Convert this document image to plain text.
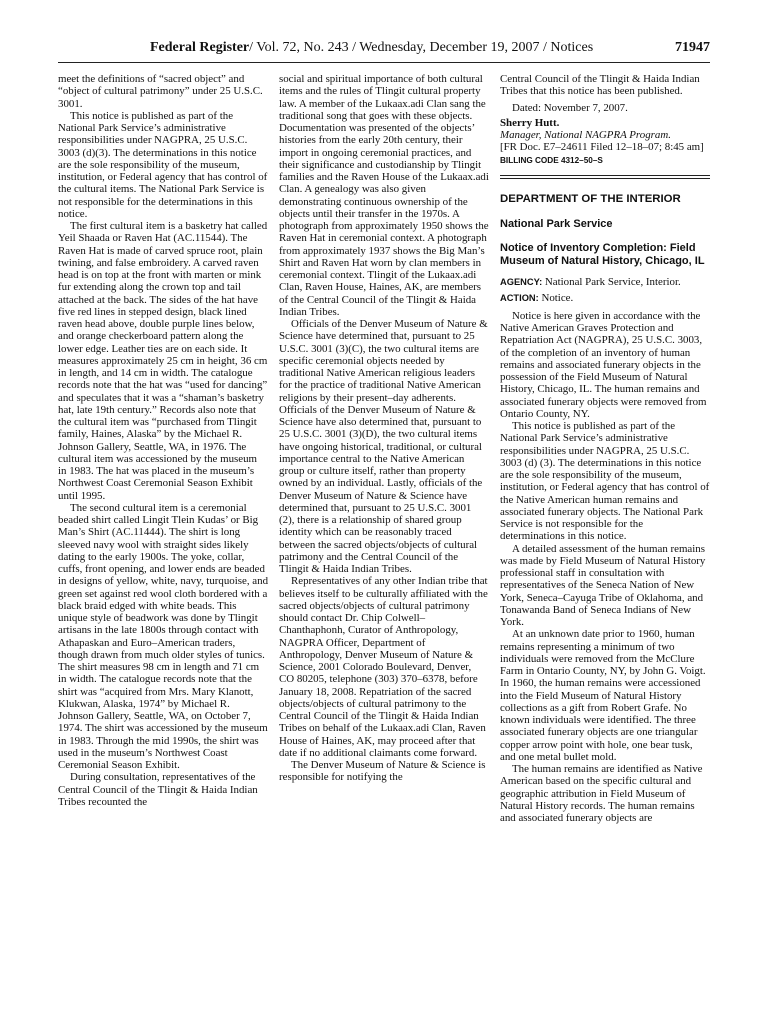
Federal Register/ Vol. 72, No. 243 / Wednesday, December 19, 2007 / Notices	71947

meet the definitions of “sacred object” and “object of cultural patrimony” under 25 U.S.C. 3001.

This notice is published as part of the National Park Service’s administrative responsibilities under NAGPRA, 25 U.S.C. 3003 (d)(3). The determinations in this notice are the sole responsibility of the museum, institution, or Federal agency that has control of the cultural items. The National Park Service is not responsible for the determinations in this notice.

The first cultural item is a basketry hat called Yeil Shaada or Raven Hat (AC.11544). The Raven Hat is made of carved spruce root, plain twining, and false embroidery. A carved raven head is on top at the front with marten or mink fur extending along the crown top and tail attached at the back. The sides of the hat have five red lines in stepped design, black lined raven head above, double purple lines below, and orange checkerboard pattern along the lower edge. Leather ties are on each side. It measures approximately 25 cm in height, 36 cm in length, and 14 cm in width. The catalogue records note that the hat was “used for dancing” and speculates that it was a “shaman’s basketry hat, late 19th century.” Records also note that the cultural item was “purchased from Tlingit family, Haines, Alaska” by the Michael R. Johnson Gallery, Seattle, WA, in 1976. The cultural item was accessioned by the museum in 1983. The hat was placed in the museum’s Northwest Coast Ceremonial Season Exhibit until 1995.

The second cultural item is a ceremonial beaded shirt called Lingit Tlein Kudas’ or Big Man’s Shirt (AC.11444). The shirt is long sleeved navy wool with straight sides likely dating to the early 1900s. The yoke, collar, cuffs, front opening, and lower ends are beaded in designs of yellow, white, navy, turquoise, and green set against red wool cloth bordered with a black braid edged with white beads. This unique style of beadwork was done by Tlingit artisans in the late 1800s through contact with Athapaskan and Euro–American traders, though drawn from much older styles of tunics. The shirt measures 98 cm in length and 71 cm in width. The catalogue records note that the shirt was “acquired from Mrs. Mary Klanott, Klukwan, Alaska, 1974” by Michael R. Johnson Gallery, Seattle, WA, on October 7, 1974. The shirt was accessioned by the museum in 1983. Through the mid 1990s, the shirt was used in the museum’s Northwest Coast Ceremonial Season Exhibit.

During consultation, representatives of the Central Council of the Tlingit & Haida Indian Tribes recounted the

social and spiritual importance of both cultural items and the rules of Tlingit cultural property law. A member of the Lukaax.adi Clan sang the traditional song that goes with these objects. Documentation was presented of the objects’ histories from the early 20th century, their import in ongoing ceremonial practices, and their significance and custodianship by Tlingit families and the Raven House of the Lukaax.adi Clan. A genealogy was also given demonstrating continuous ownership of the objects until their transfer in the 1970s. A photograph from approximately 1950 shows the Raven Hat in ceremonial context. A photograph from approximately 1937 shows the Big Man’s Shirt and Raven Hat worn by clan members in ceremonial context. Tlingit of the Lukaax.adi Clan, Raven House, Haines, AK, are members of the Central Council of the Tlingit & Haida Indian Tribes.

Officials of the Denver Museum of Nature & Science have determined that, pursuant to 25 U.S.C. 3001 (3)(C), the two cultural items are specific ceremonial objects needed by traditional Native American religious leaders for the practice of traditional Native American religions by their present–day adherents. Officials of the Denver Museum of Nature & Science have also determined that, pursuant to 25 U.S.C. 3001 (3)(D), the two cultural items have ongoing historical, traditional, or cultural importance central to the Native American group or culture itself, rather than property owned by an individual. Lastly, officials of the Denver Museum of Nature & Science have determined that, pursuant to 25 U.S.C. 3001 (2), there is a relationship of shared group identity which can be reasonably traced between the sacred objects/objects of cultural patrimony and the Central Council of the Tlingit & Haida Indian Tribes.

Representatives of any other Indian tribe that believes itself to be culturally affiliated with the sacred objects/objects of cultural patrimony should contact Dr. Chip Colwell–Chanthaphonh, Curator of Anthropology, NAGPRA Officer, Department of Anthropology, Denver Museum of Nature & Science, 2001 Colorado Boulevard, Denver, CO 80205, telephone (303) 370–6378, before January 18, 2008. Repatriation of the sacred objects/objects of cultural patrimony to the Central Council of the Tlingit & Haida Indian Tribes on behalf of the Lukaax.adi Clan, Raven House of Haines, AK, may proceed after that date if no additional claimants come forward.

The Denver Museum of Nature & Science is responsible for notifying the

Central Council of the Tlingit & Haida Indian Tribes that this notice has been published.

Dated: November 7, 2007.

Sherry Hutt.

Manager, National NAGPRA Program.

[FR Doc. E7–24611 Filed 12–18–07; 8:45 am]

BILLING CODE 4312–50–S

DEPARTMENT OF THE INTERIOR

National Park Service

Notice of Inventory Completion: Field Museum of Natural History, Chicago, IL

AGENCY: National Park Service, Interior.

ACTION: Notice.

Notice is here given in accordance with the Native American Graves Protection and Repatriation Act (NAGPRA), 25 U.S.C. 3003, of the completion of an inventory of human remains and associated funerary objects in the possession of the Field Museum of Natural History, Chicago, IL. The human remains and associated funerary objects were removed from Ontario County, NY.

This notice is published as part of the National Park Service’s administrative responsibilities under NAGPRA, 25 U.S.C. 3003 (d) (3). The determinations in this notice are the sole responsibility of the museum, institution, or Federal agency that has control of the Native American human remains and associated funerary objects. The National Park Service is not responsible for the determinations in this notice.

A detailed assessment of the human remains was made by Field Museum of Natural History professional staff in consultation with representatives of the Seneca Nation of New York, Seneca–Cayuga Tribe of Oklahoma, and Tonawanda Band of Seneca Indians of New York.

At an unknown date prior to 1960, human remains representing a minimum of two individuals were removed from the McClure Farm in Ontario County, NY, by John G. Voigt. In 1960, the human remains were accessioned into the Field Museum of Natural History collections as a gift from Robert Grafe. No known individuals were identified. The three associated funerary objects are one triangular copper arrow point with hole, one bear tusk, and one metal bullet mold.

The human remains are identified as Native American based on the specific cultural and geographic attribution in Field Museum of Natural History records. The human remains and associated funerary objects are
